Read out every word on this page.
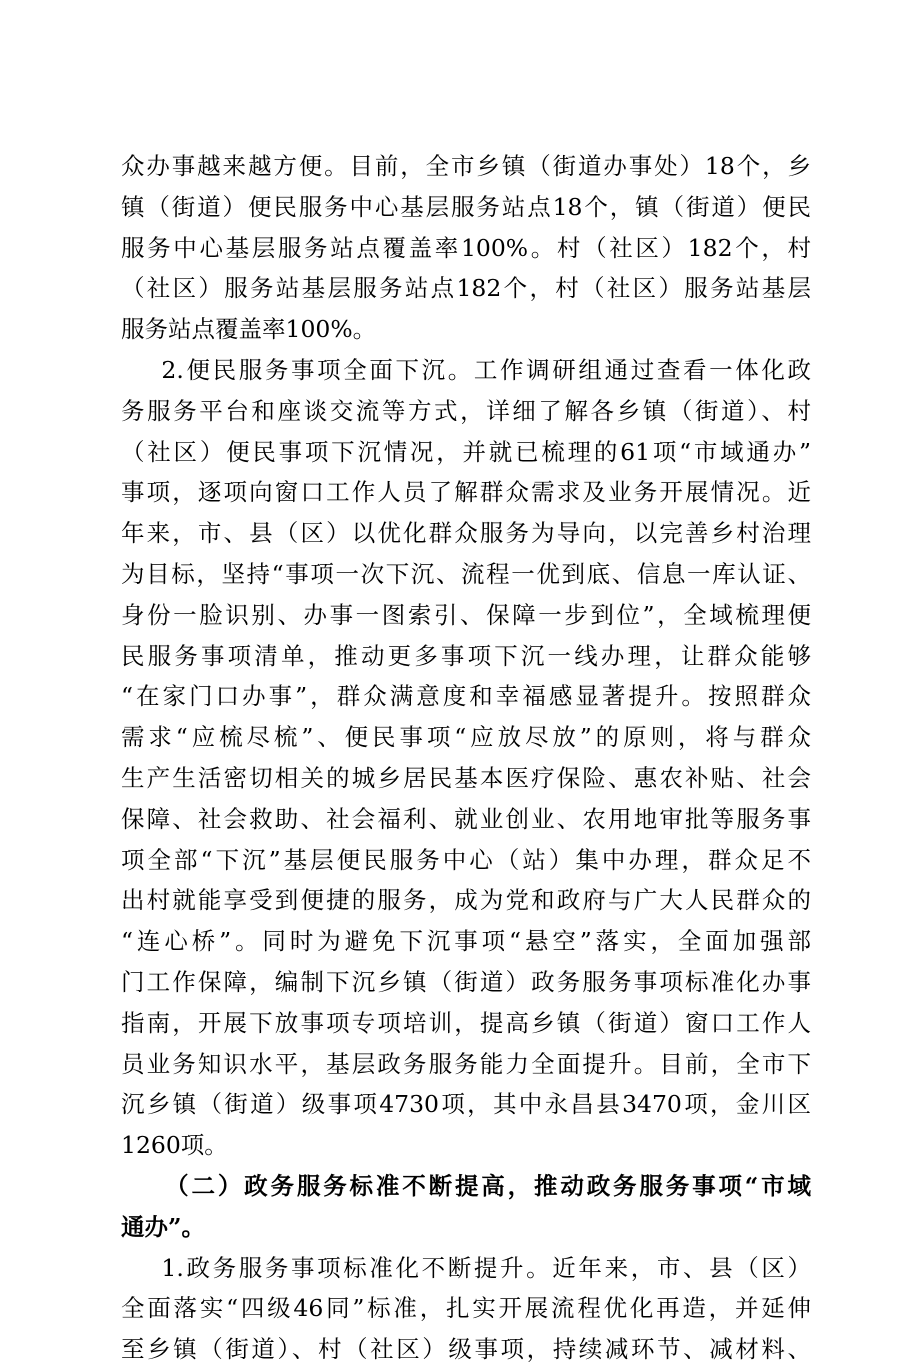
众办事越来越方便。目前，全市乡镇（街道办事处）18个，乡
镇（街道）便民服务中心基层服务站点18个，镇（街道）便民
服务中心基层服务站点覆盖率100%。村（社区）182个，村
（社区）服务站基层服务站点182个，村（社区）服务站基层
服务站点覆盖率100%。
2.便民服务事项全面下沉。工作调研组通过查看一体化政
务服务平台和座谈交流等方式，详细了解各乡镇（街道）、村
（社区）便民事项下沉情况，并就已梳理的61项“市域通办”
事项，逐项向窗口工作人员了解群众需求及业务开展情况。近
年来，市、县（区）以优化群众服务为导向，以完善乡村治理
为目标，坚持“事项一次下沉、流程一优到底、信息一库认证、
身份一脸识别、办事一图索引、保障一步到位”，全域梳理便
民服务事项清单，推动更多事项下沉一线办理，让群众能够
“在家门口办事”，群众满意度和幸福感显著提升。按照群众
需求“应梳尽梳”、便民事项“应放尽放”的原则，将与群众
生产生活密切相关的城乡居民基本医疗保险、惠农补贴、社会
保障、社会救助、社会福利、就业创业、农用地审批等服务事
项全部“下沉”基层便民服务中心（站）集中办理，群众足不
出村就能享受到便捷的服务，成为党和政府与广大人民群众的
“连心桥”。同时为避免下沉事项“悬空”落实，全面加强部
门工作保障，编制下沉乡镇（街道）政务服务事项标准化办事
指南，开展下放事项专项培训，提高乡镇（街道）窗口工作人
员业务知识水平，基层政务服务能力全面提升。目前，全市下
沉乡镇（街道）级事项4730项，其中永昌县3470项，金川区
1260项。
（二）政务服务标准不断提高，推动政务服务事项“市域
通办”。
1.政务服务事项标准化不断提升。近年来，市、县（区）
全面落实“四级46同”标准，扎实开展流程优化再造，并延伸
至乡镇（街道）、村（社区）级事项，持续减环节、减材料、
